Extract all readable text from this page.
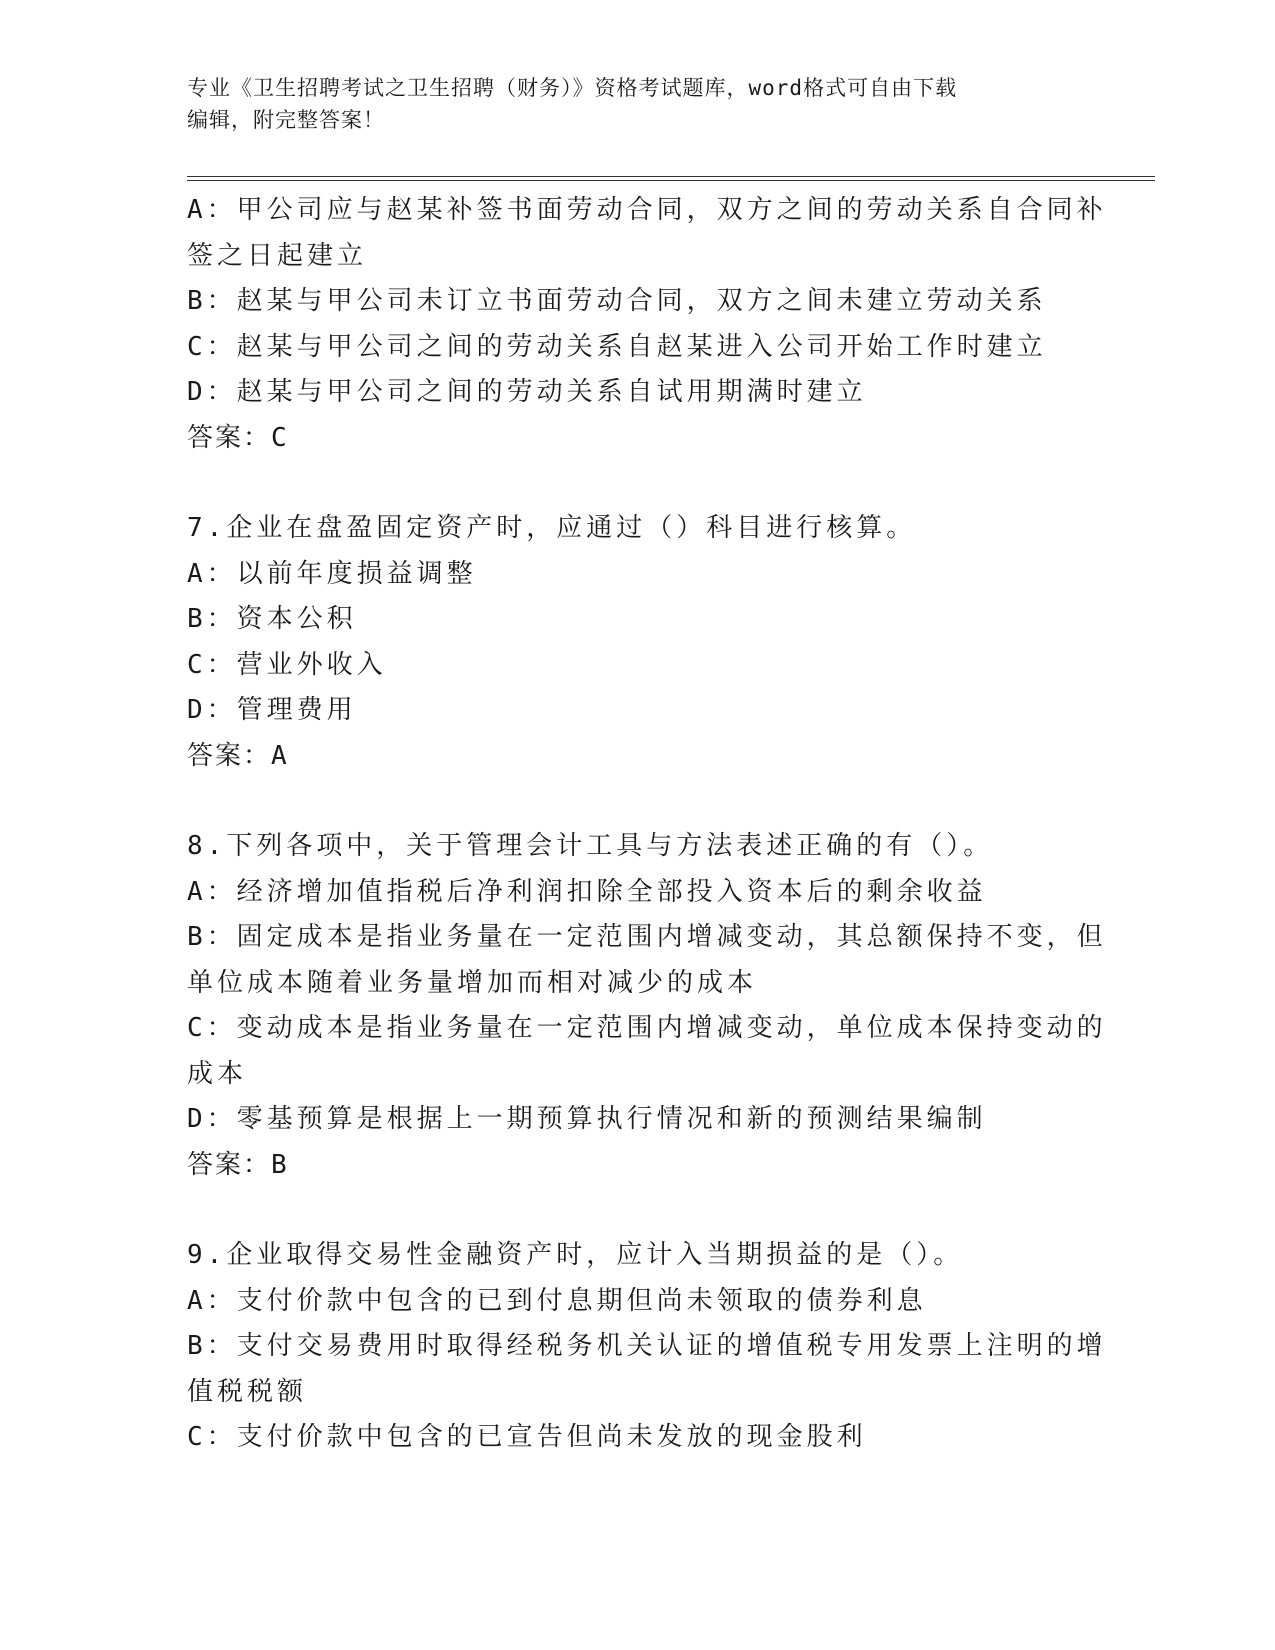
专业《卫生招聘考试之卫生招聘（财务）》资格考试题库，word格式可自由下载
编辑，附完整答案！
A：甲公司应与赵某补签书面劳动合同，双方之间的劳动关系自合同补
签之日起建立
B：赵某与甲公司未订立书面劳动合同，双方之间未建立劳动关系
C：赵某与甲公司之间的劳动关系自赵某进入公司开始工作时建立
D：赵某与甲公司之间的劳动关系自试用期满时建立
答案：C
7.企业在盘盈固定资产时，应通过（）科目进行核算。
A：以前年度损益调整
B：资本公积
C：营业外收入
D：管理费用
答案：A
8.下列各项中，关于管理会计工具与方法表述正确的有（）。
A：经济增加值指税后净利润扣除全部投入资本后的剩余收益
B：固定成本是指业务量在一定范围内增减变动，其总额保持不变，但
单位成本随着业务量增加而相对减少的成本
C：变动成本是指业务量在一定范围内增减变动，单位成本保持变动的
成本
D：零基预算是根据上一期预算执行情况和新的预测结果编制
答案：B
9.企业取得交易性金融资产时，应计入当期损益的是（）。
A：支付价款中包含的已到付息期但尚未领取的债券利息
B：支付交易费用时取得经税务机关认证的增值税专用发票上注明的增
值税税额
C：支付价款中包含的已宣告但尚未发放的现金股利
